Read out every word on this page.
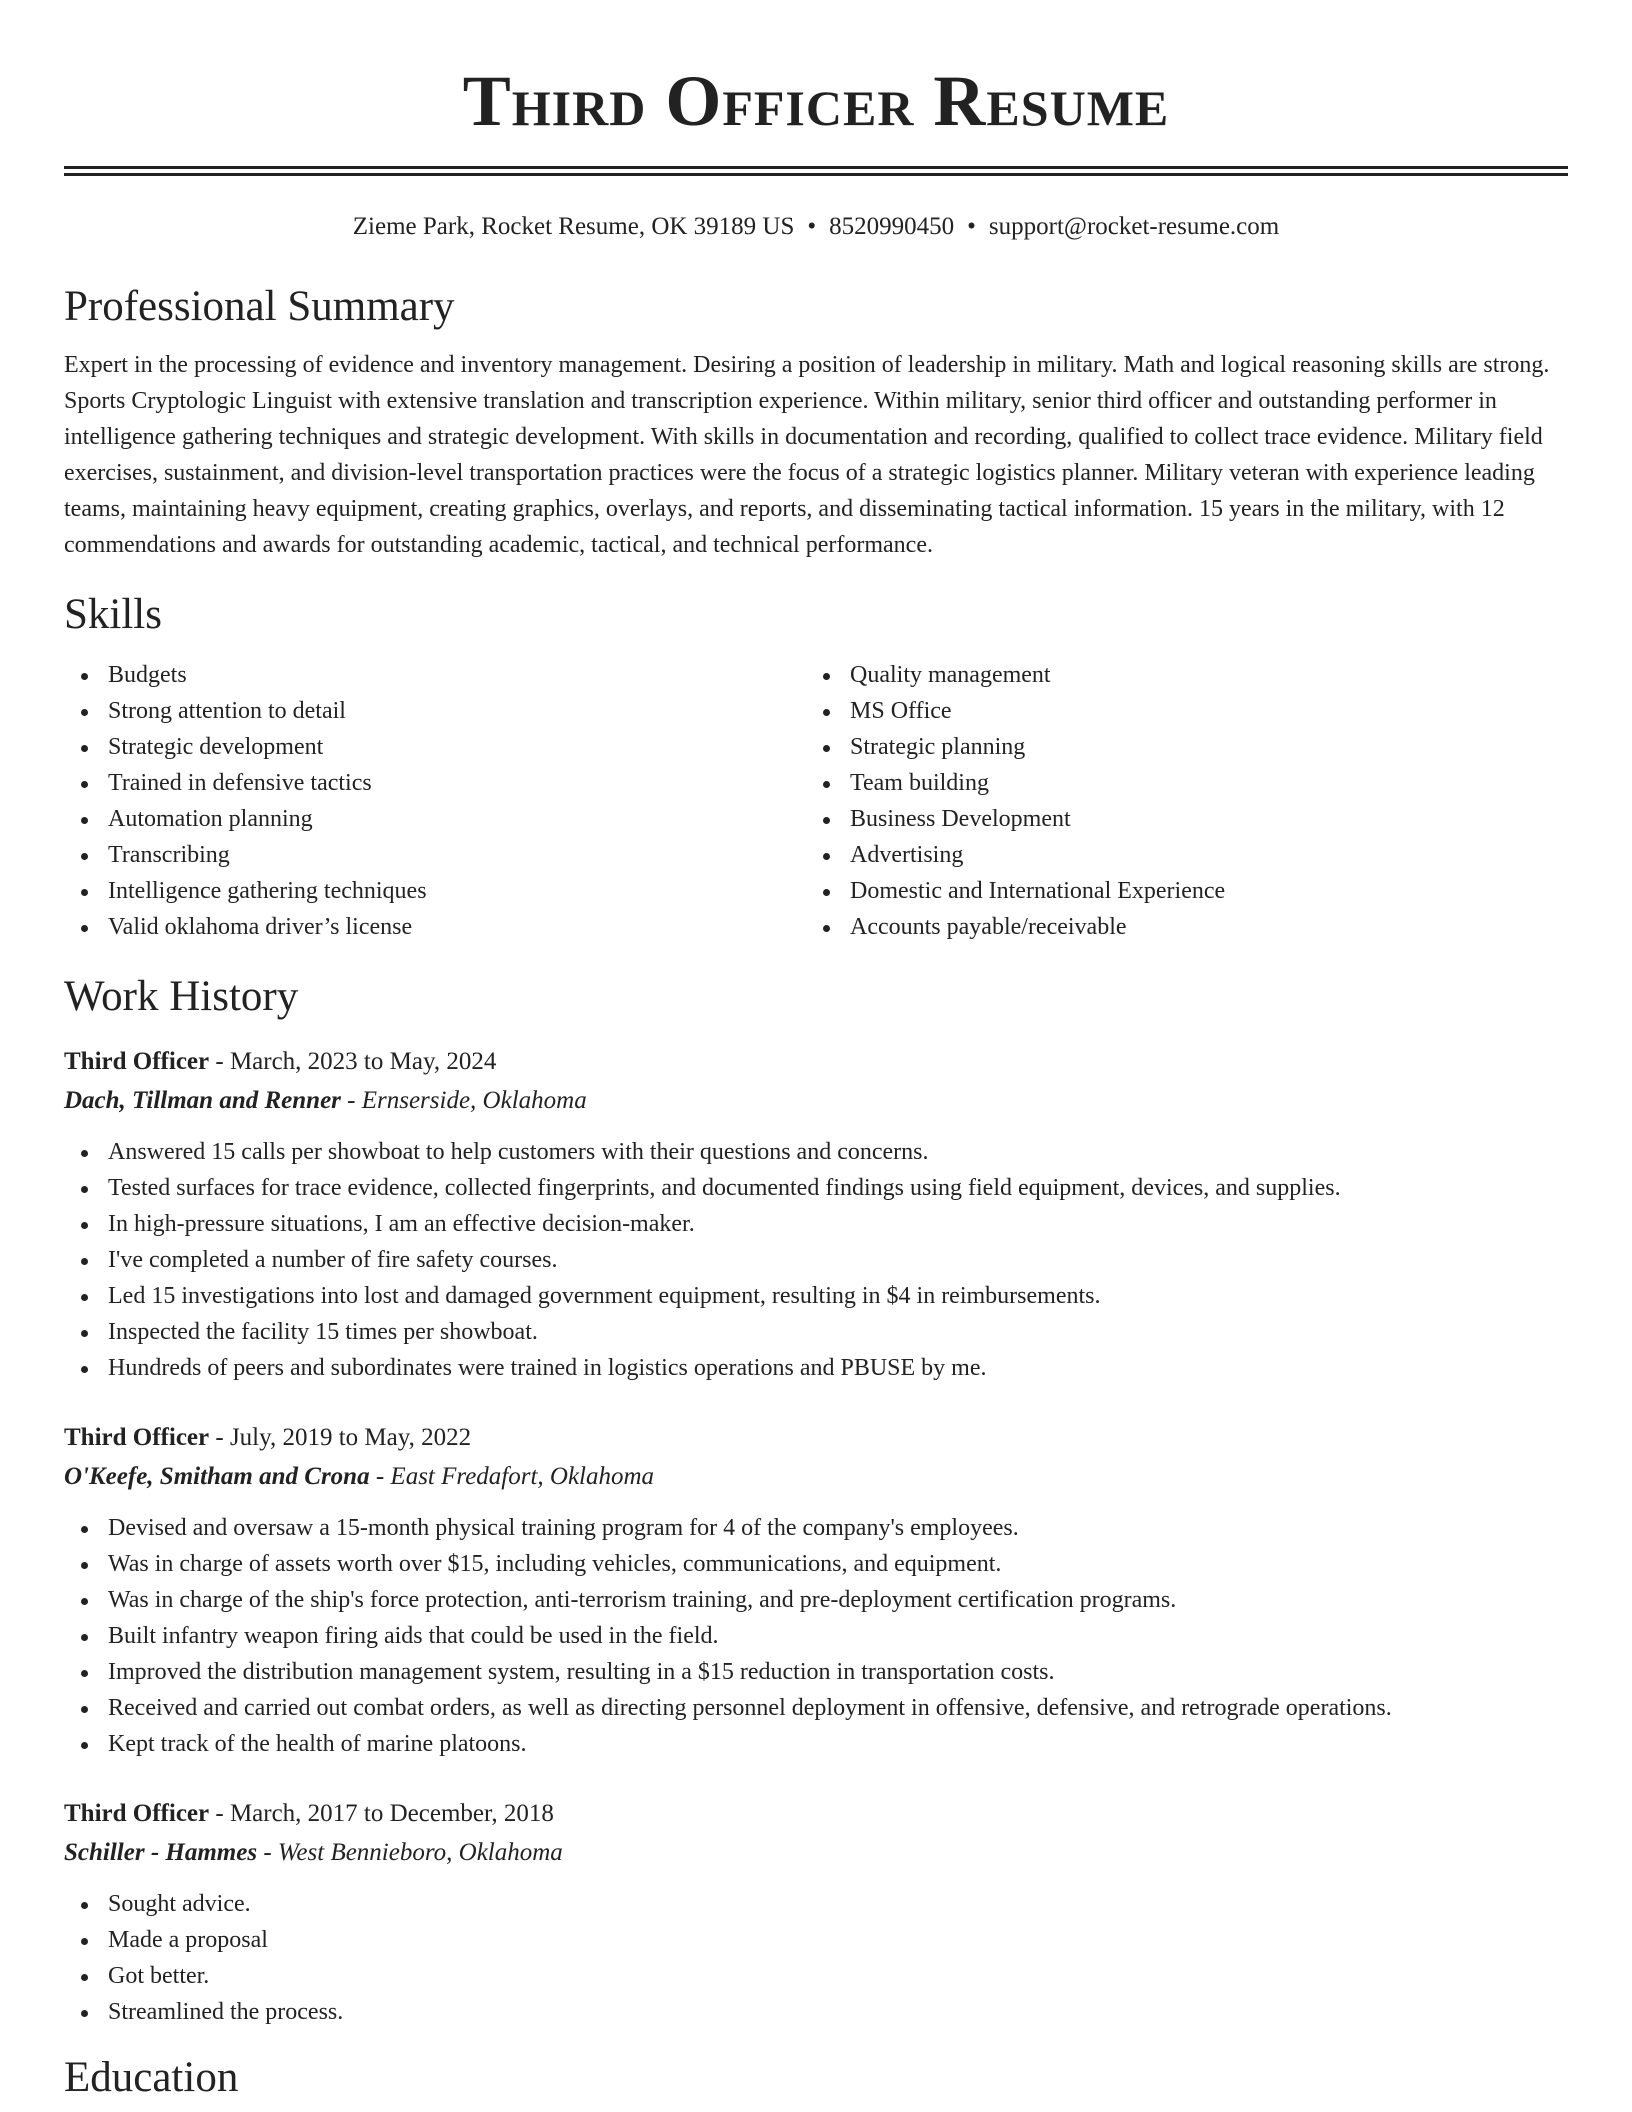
Third Officer Resume
Zieme Park, Rocket Resume, OK 39189 US • 8520990450 • support@rocket-resume.com
Professional Summary

Expert in the processing of evidence and inventory management. Desiring a position of leadership in military. Math and logical reasoning skills are strong. Sports Cryptologic Linguist with extensive translation and transcription experience. Within military, senior third officer and outstanding performer in intelligence gathering techniques and strategic development. With skills in documentation and recording, qualified to collect trace evidence. Military field exercises, sustainment, and division-level transportation practices were the focus of a strategic logistics planner. Military veteran with experience leading teams, maintaining heavy equipment, creating graphics, overlays, and reports, and disseminating tactical information. 15 years in the military, with 12 commendations and awards for outstanding academic, tactical, and technical performance.

Skills
Budgets
Strong attention to detail
Strategic development
Trained in defensive tactics
Automation planning
Transcribing
Intelligence gathering techniques
Valid oklahoma driver’s license
Quality management
MS Office
Strategic planning
Team building
Business Development
Advertising
Domestic and International Experience
Accounts payable/receivable
Work History
Third Officer - March, 2023 to May, 2024
Dach, Tillman and Renner - Ernserside, Oklahoma
Answered 15 calls per showboat to help customers with their questions and concerns.
Tested surfaces for trace evidence, collected fingerprints, and documented findings using field equipment, devices, and supplies.
In high-pressure situations, I am an effective decision-maker.
I've completed a number of fire safety courses.
Led 15 investigations into lost and damaged government equipment, resulting in $4 in reimbursements.
Inspected the facility 15 times per showboat.
Hundreds of peers and subordinates were trained in logistics operations and PBUSE by me.
Third Officer - July, 2019 to May, 2022
O'Keefe, Smitham and Crona - East Fredafort, Oklahoma
Devised and oversaw a 15-month physical training program for 4 of the company's employees.
Was in charge of assets worth over $15, including vehicles, communications, and equipment.
Was in charge of the ship's force protection, anti-terrorism training, and pre-deployment certification programs.
Built infantry weapon firing aids that could be used in the field.
Improved the distribution management system, resulting in a $15 reduction in transportation costs.
Received and carried out combat orders, as well as directing personnel deployment in offensive, defensive, and retrograde operations.
Kept track of the health of marine platoons.
Third Officer - March, 2017 to December, 2018
Schiller - Hammes - West Bennieboro, Oklahoma
Sought advice.
Made a proposal
Got better.
Streamlined the process.
Education
